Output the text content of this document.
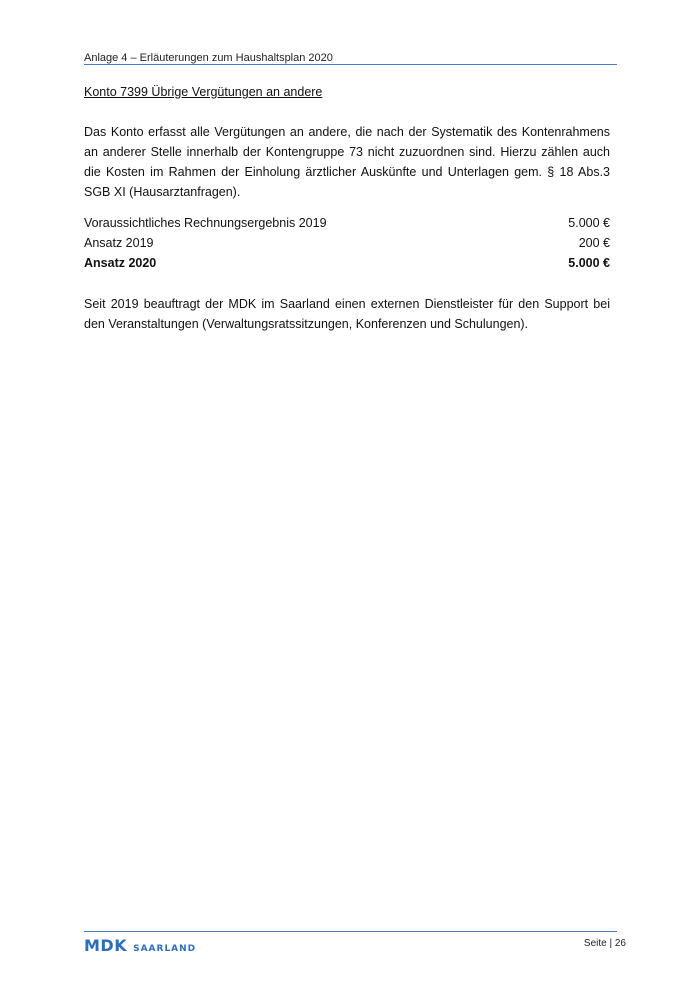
Anlage 4 – Erläuterungen zum Haushaltsplan 2020
Konto 7399 Übrige Vergütungen an andere
Das Konto erfasst alle Vergütungen an andere, die nach der Systematik des Kontenrahmens an anderer Stelle innerhalb der Kontengruppe 73 nicht zuzuordnen sind. Hierzu zählen auch die Kosten im Rahmen der Einholung ärztlicher Auskünfte und Unterlagen gem. § 18 Abs.3 SGB XI (Hausarztanfragen).
Voraussichtliches Rechnungsergebnis 2019	5.000 €
Ansatz 2019	200 €
Ansatz 2020	5.000 €
Seit 2019 beauftragt der MDK im Saarland einen externen Dienstleister für den Support bei den Veranstaltungen (Verwaltungsratssitzungen, Konferenzen und Schulungen).
MDK SAARLAND	Seite | 26
